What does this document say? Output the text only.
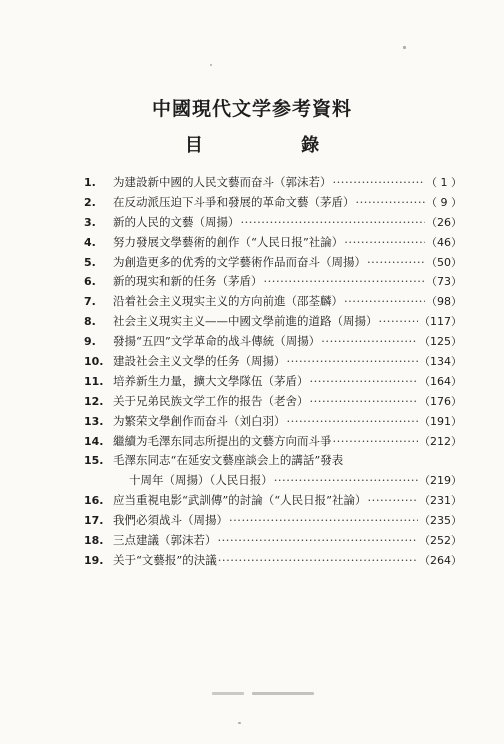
中國現代文学参考資料
目 錄
1.	为建設新中國的人民文藝而奋斗（郭沫若） ·····	（ 1 ）
2.	在反动派压迫下斗爭和發展的革命文藝（茅盾） ·····	（ 9 ）
3.	新的人民的文藝（周揚） ·····	（26）
4.	努力發展文學藝術的創作（“人民日报”社論） ·····	（46）
5.	为創造更多的优秀的文学藝術作品而奋斗（周揚） ·····	（50）
6.	新的現实和新的任务（茅盾） ·····	（73）
7.	沿着社会主义現实主义的方向前進（邵荃麟） ·····	（98）
8.	社会主义現实主义——中國文學前進的道路（周揚） ·····	（117）
9.	發揚“五四”文学革命的战斗傳統（周揚） ·····	（125）
10. 建設社会主义文學的任务（周揚） ·····	（134）
11. 培养新生力量，擴大文學隊伍（茅盾） ·····	（164）
12. 关于兄弟民族文学工作的报告（老舍） ·····	（176）
13. 为繁荣文學創作而奋斗（刘白羽） ·····	（191）
14. 繼續为毛澤东同志所提出的文藝方向而斗爭 ·····	（212）
15. 毛澤东同志“在延安文藝座談会上的講話”發表
十周年（周揚）（人民日报） ·····	（219）
16. 应当重視电影“武訓傳”的討論（“人民日报”社論） ·····	（231）
17. 我們必須战斗（周揚） ·····	（235）
18. 三点建議（郭沫若） ·····	（252）
19. 关于“文藝报”的決議 ·····	（264）
